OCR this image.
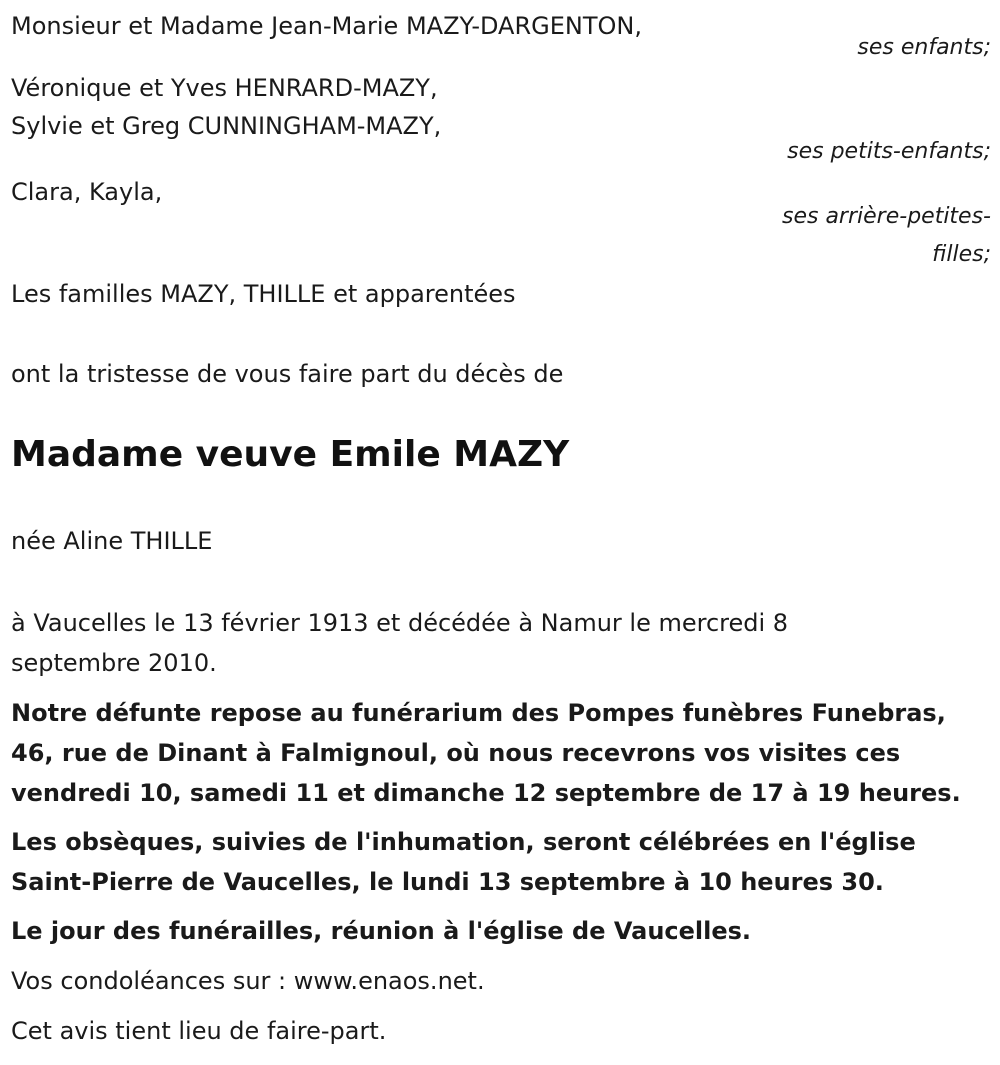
Monsieur et Madame Jean-Marie MAZY-DARGENTON,
ses enfants;
Véronique et Yves HENRARD-MAZY,
Sylvie et Greg CUNNINGHAM-MAZY,
ses petits-enfants;
Clara, Kayla,
ses arrière-petites-
filles;
Les familles MAZY, THILLE et apparentées
ont la tristesse de vous faire part du décès de
Madame veuve Emile MAZY
née Aline THILLE
à Vaucelles le 13 février 1913 et décédée à Namur le mercredi 8
septembre 2010.
Notre défunte repose au funérarium des Pompes funèbres Funebras, 46, rue de Dinant à Falmignoul, où nous recevrons vos visites ces vendredi 10, samedi 11 et dimanche 12 septembre de 17 à 19 heures.
Les obsèques, suivies de l'inhumation, seront célébrées en l'église Saint-Pierre de Vaucelles, le lundi 13 septembre à 10 heures 30.
Le jour des funérailles, réunion à l'église de Vaucelles.
Vos condoléances sur : www.enaos.net.
Cet avis tient lieu de faire-part.
